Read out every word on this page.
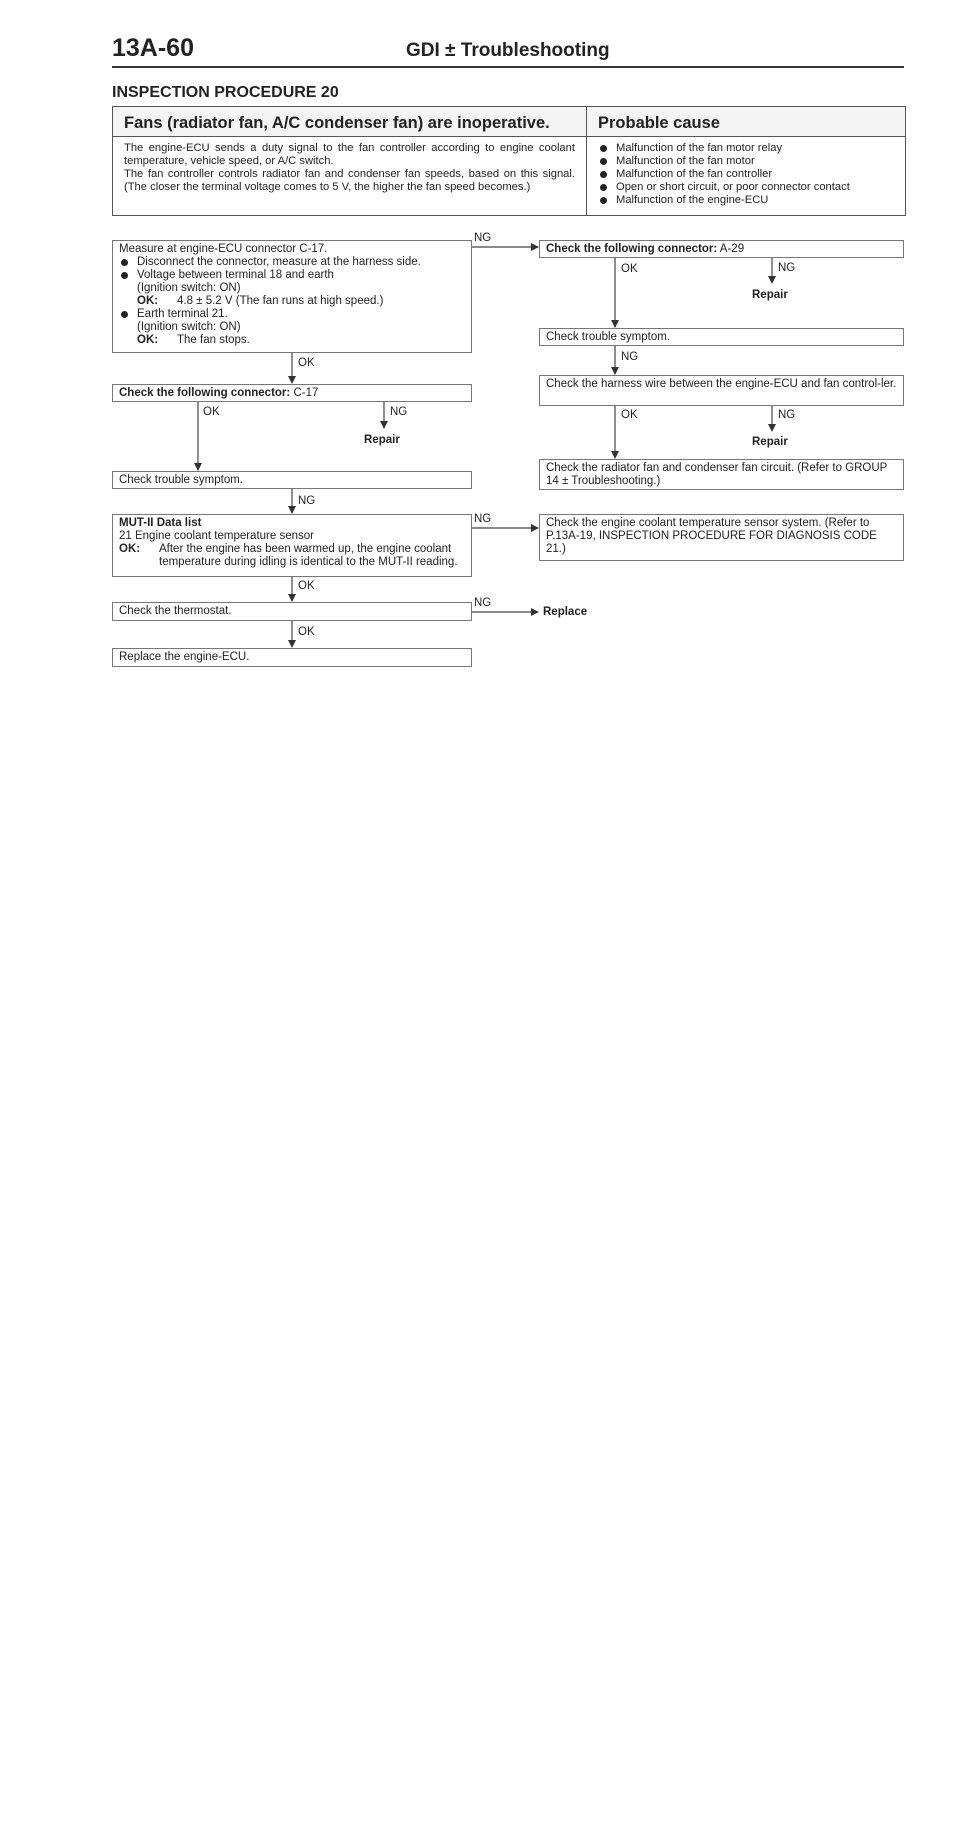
13A-60	GDI ± Troubleshooting
INSPECTION PROCEDURE 20
Fans (radiator fan, A/C condenser fan) are inoperative.

The engine-ECU sends a duty signal to the fan controller according to engine coolant temperature, vehicle speed, or A/C switch.

The fan controller controls radiator fan and condenser fan speeds, based on this signal. (The closer the terminal voltage comes to 5 V, the higher the fan speed becomes.)

Probable cause
Malfunction of the fan motor relay
Malfunction of the fan motor
Malfunction of the fan controller
Open or short circuit, or poor connector contact
Malfunction of the engine-ECU
Measure at engine-ECU connector C-17.
Disconnect the connector, measure at the harness side.
Voltage between terminal 18 and earth
(Ignition switch: ON)
OK:	4.8 ± 5.2 V (The fan runs at high speed.)
Earth terminal 21.
(Ignition switch: ON)
OK:	The fan stops.
Check the following connector: A-29
OK	NG
Repair
Check trouble symptom.
NG
Check the harness wire between the engine-ECU and fan control-ler.
OK	NG
Repair
Check the radiator fan and condenser fan circuit. (Refer to GROUP 14 ± Troubleshooting.)
NG
OK
Check the following connector: C-17
OK	NG
Repair
Check trouble symptom.
NG
MUT-II Data list
21 Engine coolant temperature sensor
OK:	After the engine has been warmed up, the engine coolant temperature during idling is identical to the MUT-II reading.
NG	Check the engine coolant temperature sensor system. (Refer to P.13A-19, INSPECTION PROCEDURE FOR DIAGNOSIS CODE 21.)
OK
Check the thermostat.
NG
Replace
OK
Replace the engine-ECU.
